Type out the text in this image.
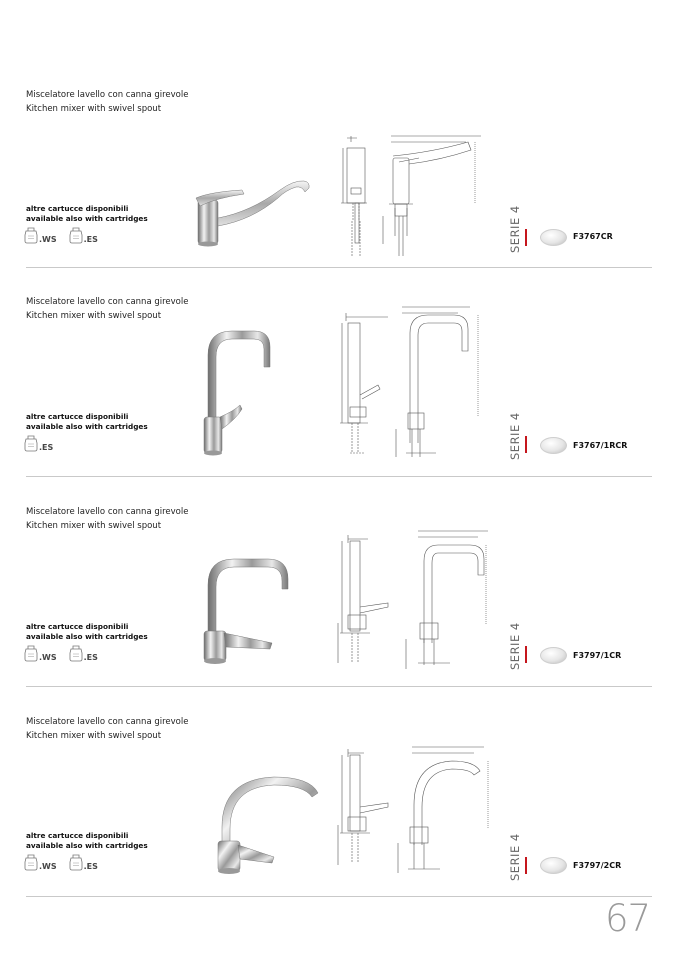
Miscelatore lavello con canna girevole
Kitchen mixer with swivel spout
altre cartucce disponibili
available also with cartridges
.WS	.ES	SERIE 4	F3767CR
Miscelatore lavello con canna girevole
Kitchen mixer with swivel spout
altre cartucce disponibili
available also with cartridges
.ES	SERIE 4	F3767/1RCR
Miscelatore lavello con canna girevole
Kitchen mixer with swivel spout
altre cartucce disponibili
available also with cartridges
.WS	.ES	SERIE 4	F3797/1CR
Miscelatore lavello con canna girevole
Kitchen mixer with swivel spout
altre cartucce disponibili
available also with cartridges
.WS	.ES	SERIE 4	F3797/2CR
67
